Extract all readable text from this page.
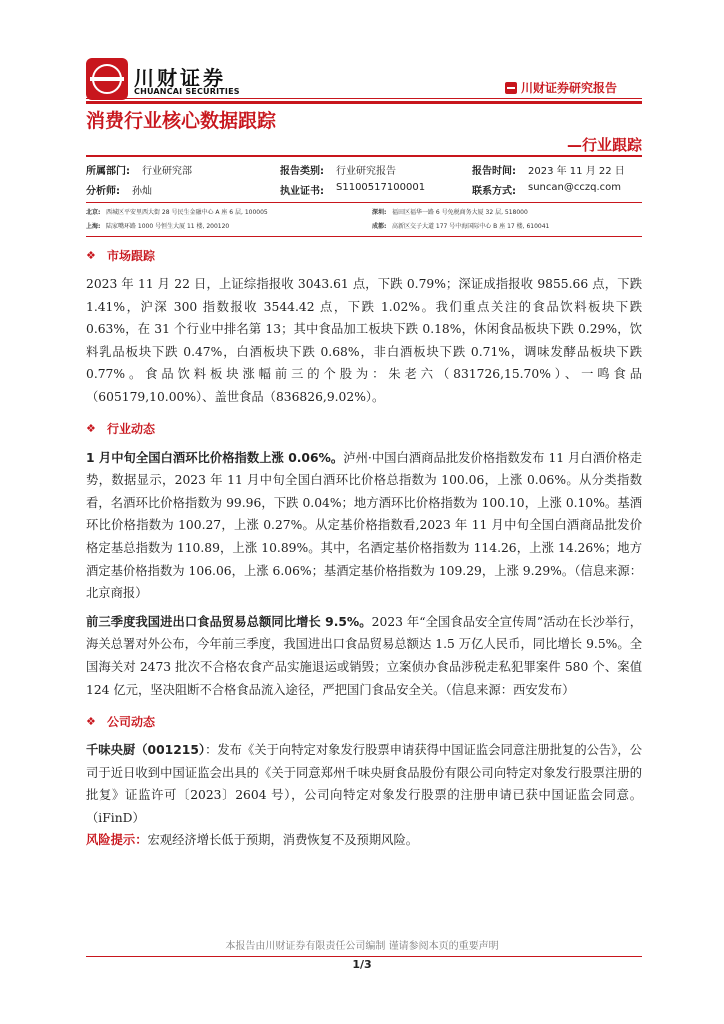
川财证券
CHUANCAI SECURITIES	川财证券研究报告
消费行业核心数据跟踪
—行业跟踪
所属部门: 行业研究部	报告类别: 行业研究报告	报告时间: 2023 年 11 月 22 日
分析师: 孙灿	执业证书: S1100517100001	联系方式: suncan@cczq.com
北京: 西城区平安里西大街 28 号民生金融中心 A 座 6 层, 100005	深圳: 福田区福华一路 6 号免税商务大厦 32 层, 518000
上海: 陆家嘴环路 1000 号恒生大厦 11 楼, 200120	成都: 高新区交子大道 177 号中海国际中心 B 座 17 楼, 610041
❖ 市场跟踪

2023 年 11 月 22 日，上证综指报收 3043.61 点，下跌 0.79%；深证成指报收 9855.66 点，下跌 1.41%，沪深 300 指数报收 3544.42 点，下跌 1.02%。我们重点关注的食品饮料板块下跌 0.63%，在 31 个行业中排名第 13；其中食品加工板块下跌 0.18%，休闲食品板块下跌 0.29%，饮料乳品板块下跌 0.47%，白酒板块下跌 0.68%，非白酒板块下跌 0.71%，调味发酵品板块下跌 0.77%。食品饮料板块涨幅前三的个股为：朱老六（831726,15.70%）、一鸣食品（605179,10.00%）、盖世食品（836826,9.02%）。

❖ 行业动态

1 月中旬全国白酒环比价格指数上涨 0.06%。泸州·中国白酒商品批发价格指数发布 11 月白酒价格走势，数据显示，2023 年 11 月中旬全国白酒环比价格总指数为 100.06，上涨 0.06%。从分类指数看，名酒环比价格指数为 99.96，下跌 0.04%；地方酒环比价格指数为 100.10，上涨 0.10%。基酒环比价格指数为 100.27，上涨 0.27%。从定基价格指数看,2023 年 11 月中旬全国白酒商品批发价格定基总指数为 110.89，上涨 10.89%。其中，名酒定基价格指数为 114.26，上涨 14.26%；地方酒定基价格指数为 106.06，上涨 6.06%；基酒定基价格指数为 109.29，上涨 9.29%。（信息来源：北京商报）

前三季度我国进出口食品贸易总额同比增长 9.5%。2023 年“全国食品安全宣传周”活动在长沙举行，海关总署对外公布，今年前三季度，我国进出口食品贸易总额达 1.5 万亿人民币，同比增长 9.5%。全国海关对 2473 批次不合格农食产品实施退运或销毁；立案侦办食品涉税走私犯罪案件 580 个、案值 124 亿元，坚决阻断不合格食品流入途径，严把国门食品安全关。（信息来源：西安发布）

❖ 公司动态

千味央厨（001215）：发布《关于向特定对象发行股票申请获得中国证监会同意注册批复的公告》，公司于近日收到中国证监会出具的《关于同意郑州千味央厨食品股份有限公司向特定对象发行股票注册的批复》证监许可〔2023〕2604 号），公司向特定对象发行股票的注册申请已获中国证监会同意。（iFinD）

风险提示：宏观经济增长低于预期，消费恢复不及预期风险。

本报告由川财证券有限责任公司编制 谨请参阅本页的重要声明
1/3
